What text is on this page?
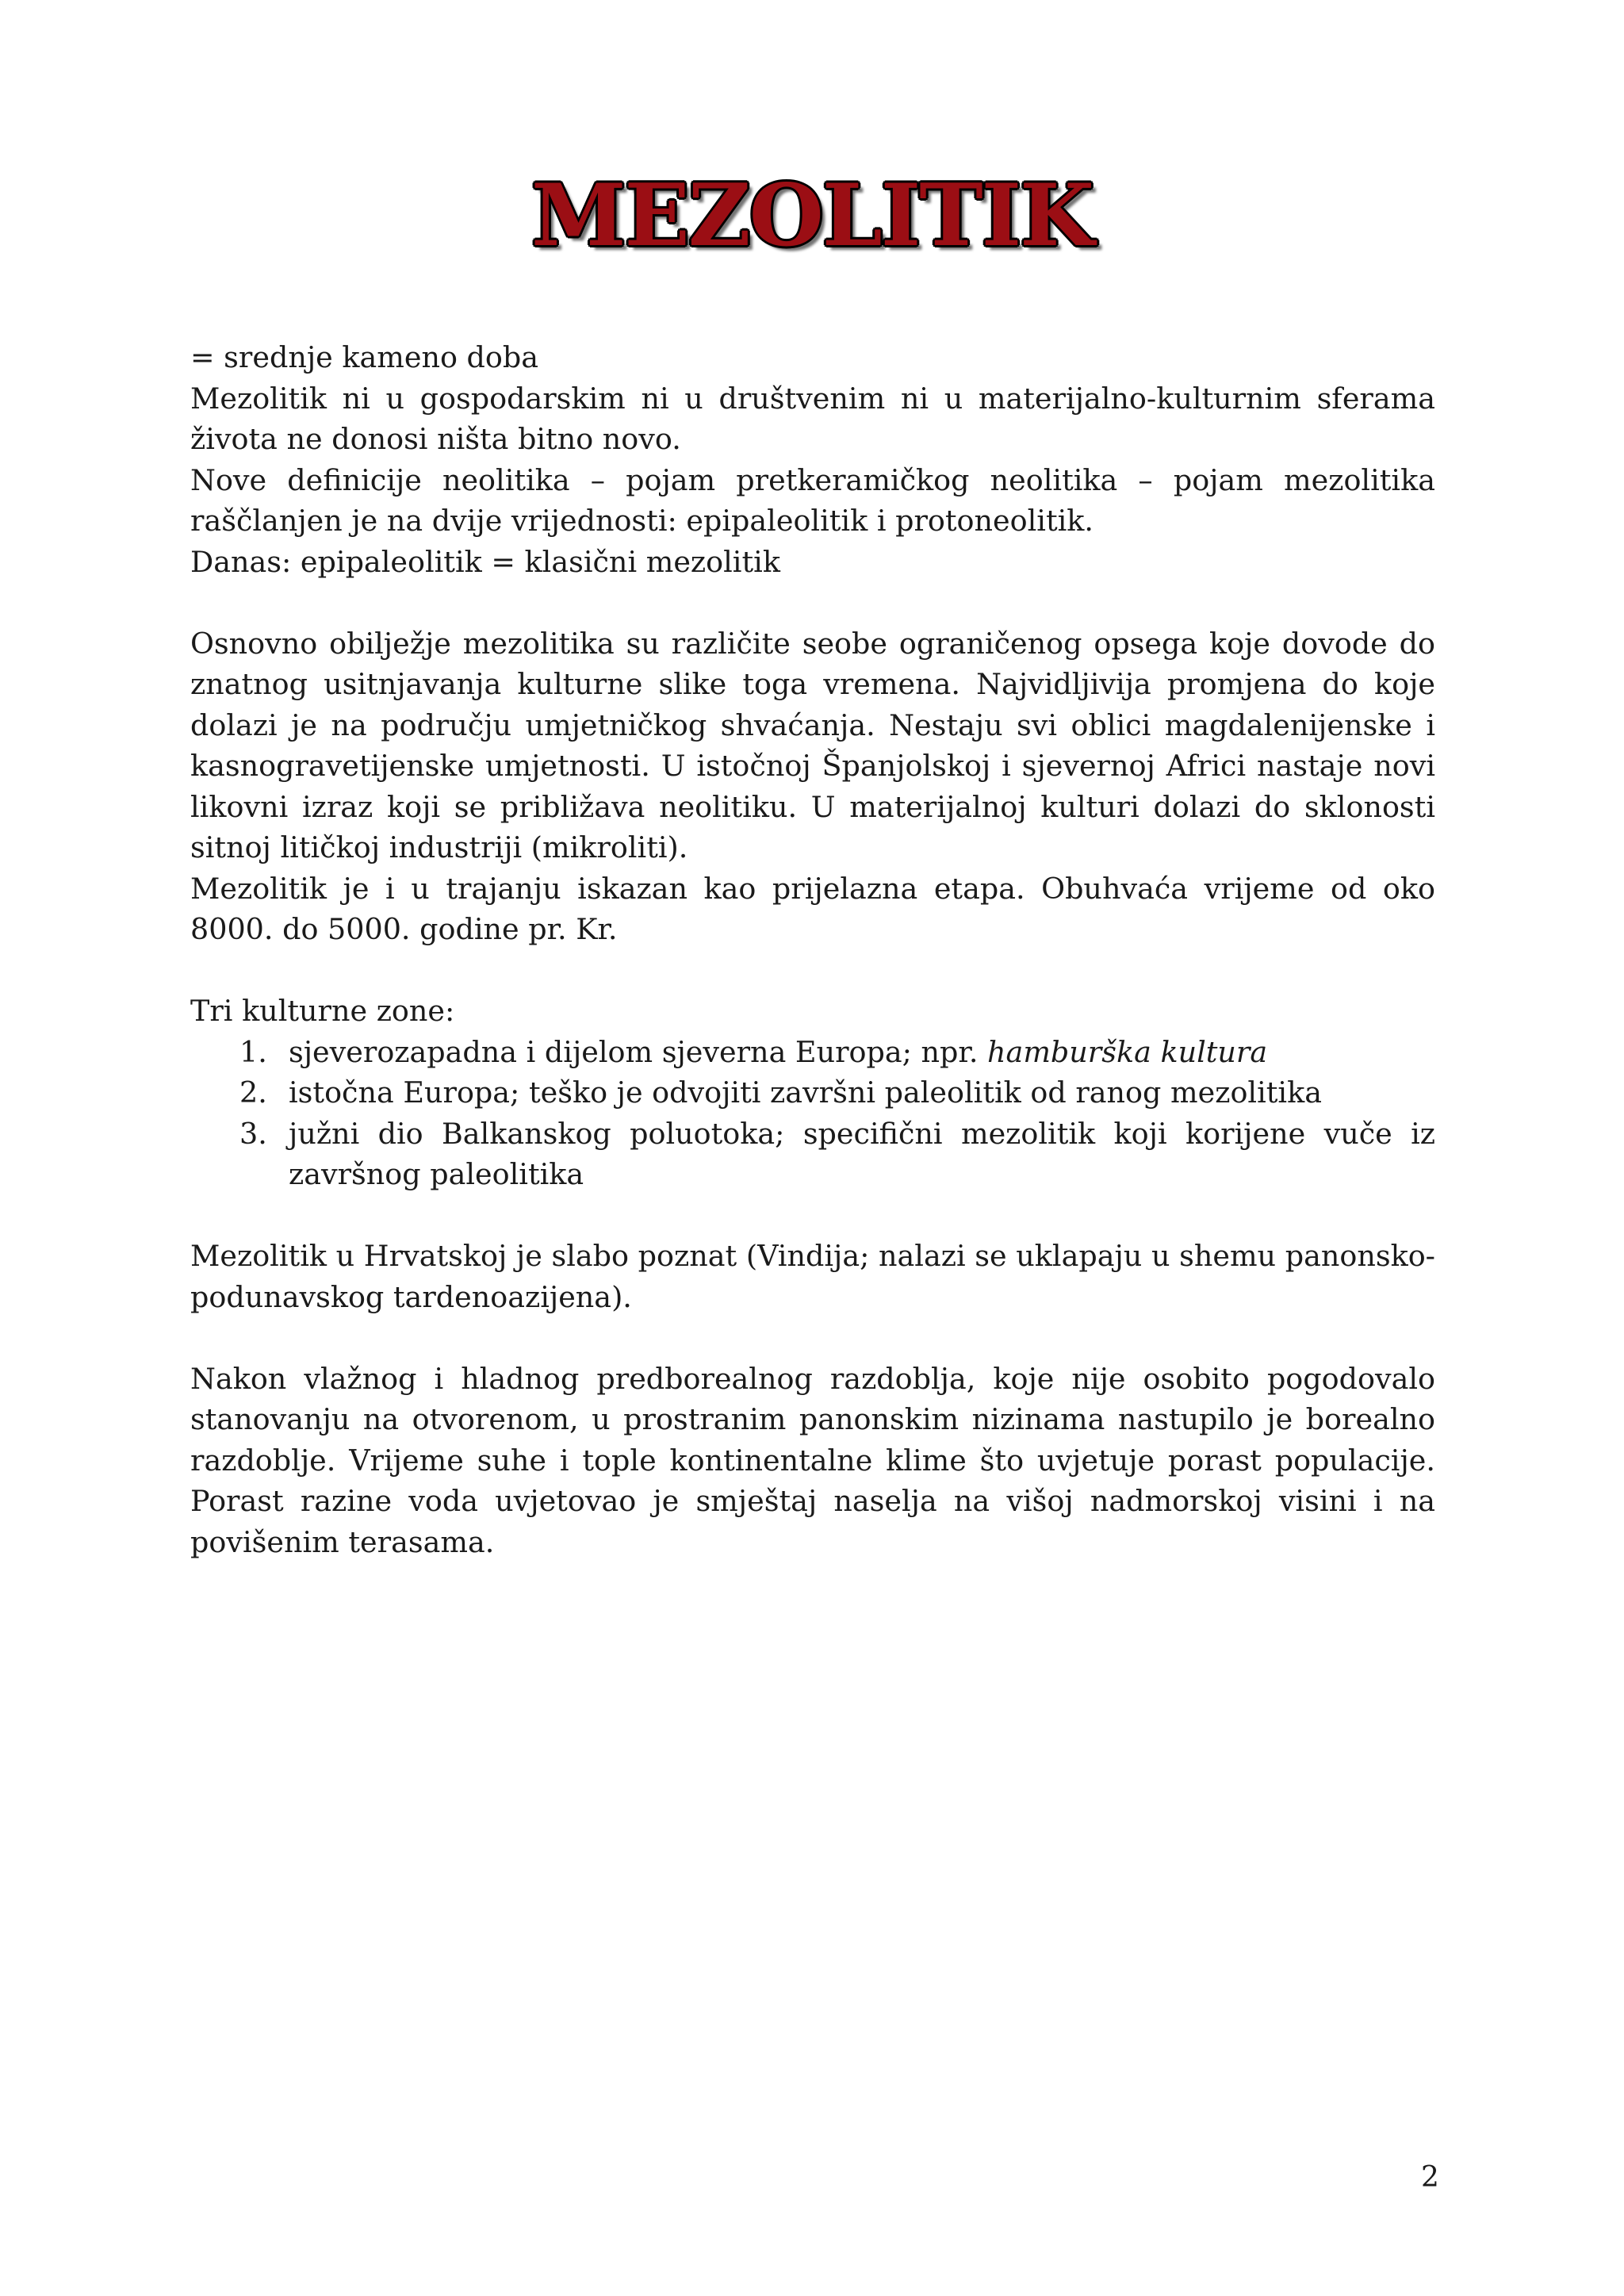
MEZOLITIK

= srednje kameno doba

Mezolitik ni u gospodarskim ni u društvenim ni u materijalno-kulturnim sferama života ne donosi ništa bitno novo.

Nove definicije neolitika – pojam pretkeramičkog neolitika – pojam mezolitika raščlanjen je na dvije vrijednosti: epipaleolitik i protoneolitik.

Danas: epipaleolitik = klasični mezolitik

Osnovno obilježje mezolitika su različite seobe ograničenog opsega koje dovode do znatnog usitnjavanja kulturne slike toga vremena. Najvidljivija promjena do koje dolazi je na području umjetničkog shvaćanja. Nestaju svi oblici magdalenijenske i kasnogravetijenske umjetnosti. U istočnoj Španjolskoj i sjevernoj Africi nastaje novi likovni izraz koji se približava neolitiku. U materijalnoj kulturi dolazi do sklonosti sitnoj litičkoj industriji (mikroliti).

Mezolitik je i u trajanju iskazan kao prijelazna etapa. Obuhvaća vrijeme od oko 8000. do 5000. godine pr. Kr.

Tri kulturne zone:

1. sjeverozapadna i dijelom sjeverna Europa; npr. hamburška kultura
2. istočna Europa; teško je odvojiti završni paleolitik od ranog mezolitika
3. južni dio Balkanskog poluotoka; specifični mezolitik koji korijene vuče iz završnog paleolitika

Mezolitik u Hrvatskoj je slabo poznat (Vindija; nalazi se uklapaju u shemu panonsko-podunavskog tardenoazijena).

Nakon vlažnog i hladnog predborealnog razdoblja, koje nije osobito pogodovalo stanovanju na otvorenom, u prostranim panonskim nizinama nastupilo je borealno razdoblje. Vrijeme suhe i tople kontinentalne klime što uvjetuje porast populacije. Porast razine voda uvjetovao je smještaj naselja na višoj nadmorskoj visini i na povišenim terasama.

2
